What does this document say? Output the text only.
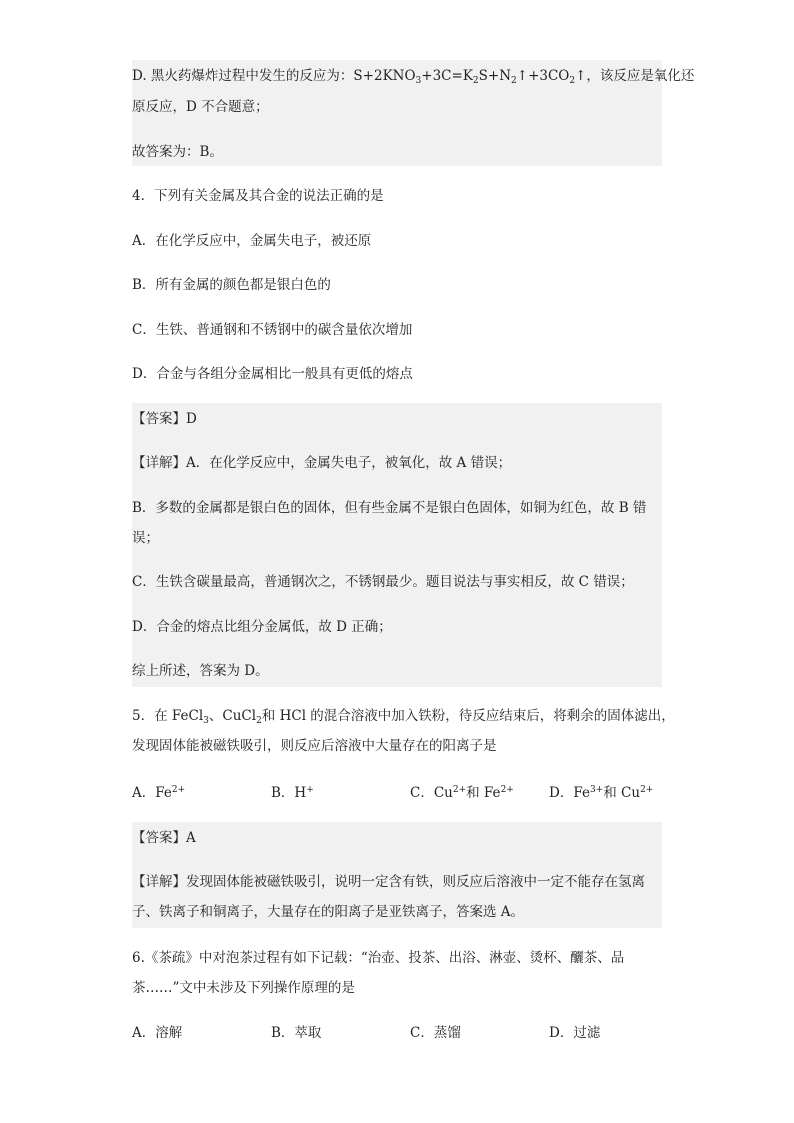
D. 黑火药爆炸过程中发生的反应为：$S+2KNO_3+3C=K_2S+N_2↑+3CO_2↑$，该反应是氧化还
原反应，D 不合题意；
故答案为：B。
4．下列有关金属及其合金的说法正确的是
A．在化学反应中，金属失电子，被还原
B．所有金属的颜色都是银白色的
C．生铁、普通钢和不锈钢中的碳含量依次增加
D．合金与各组分金属相比一般具有更低的熔点
【答案】D
【详解】A．在化学反应中，金属失电子，被氧化，故 A 错误；
B．多数的金属都是银白色的固体，但有些金属不是银白色固体，如铜为红色，故 B 错
误；
C．生铁含碳量最高，普通钢次之，不锈钢最少。题目说法与事实相反，故 C 错误；
D．合金的熔点比组分金属低，故 D 正确；
综上所述，答案为 D。
5．在 FeCl$_3$、CuCl$_2$和 HCl 的混合溶液中加入铁粉，待反应结束后，将剩余的固体滤出，
发现固体能被磁铁吸引，则反应后溶液中大量存在的阳离子是
A．$Fe^{2+}$	B．H+	C．$Cu^{2+}$和 $Fe^{2+}$	D．$Fe^{3+}$和 $Cu^{2+}$
【答案】A
【详解】发现固体能被磁铁吸引，说明一定含有铁，则反应后溶液中一定不能存在氢离
子、铁离子和铜离子，大量存在的阳离子是亚铁离子，答案选 A。
6.《茶疏》中对泡茶过程有如下记载：“治壶、投茶、出浴、淋壶、烫杯、釃茶、品
茶……”文中未涉及下列操作原理的是
A．溶解	B．萃取	C．蒸馏	D．过滤
